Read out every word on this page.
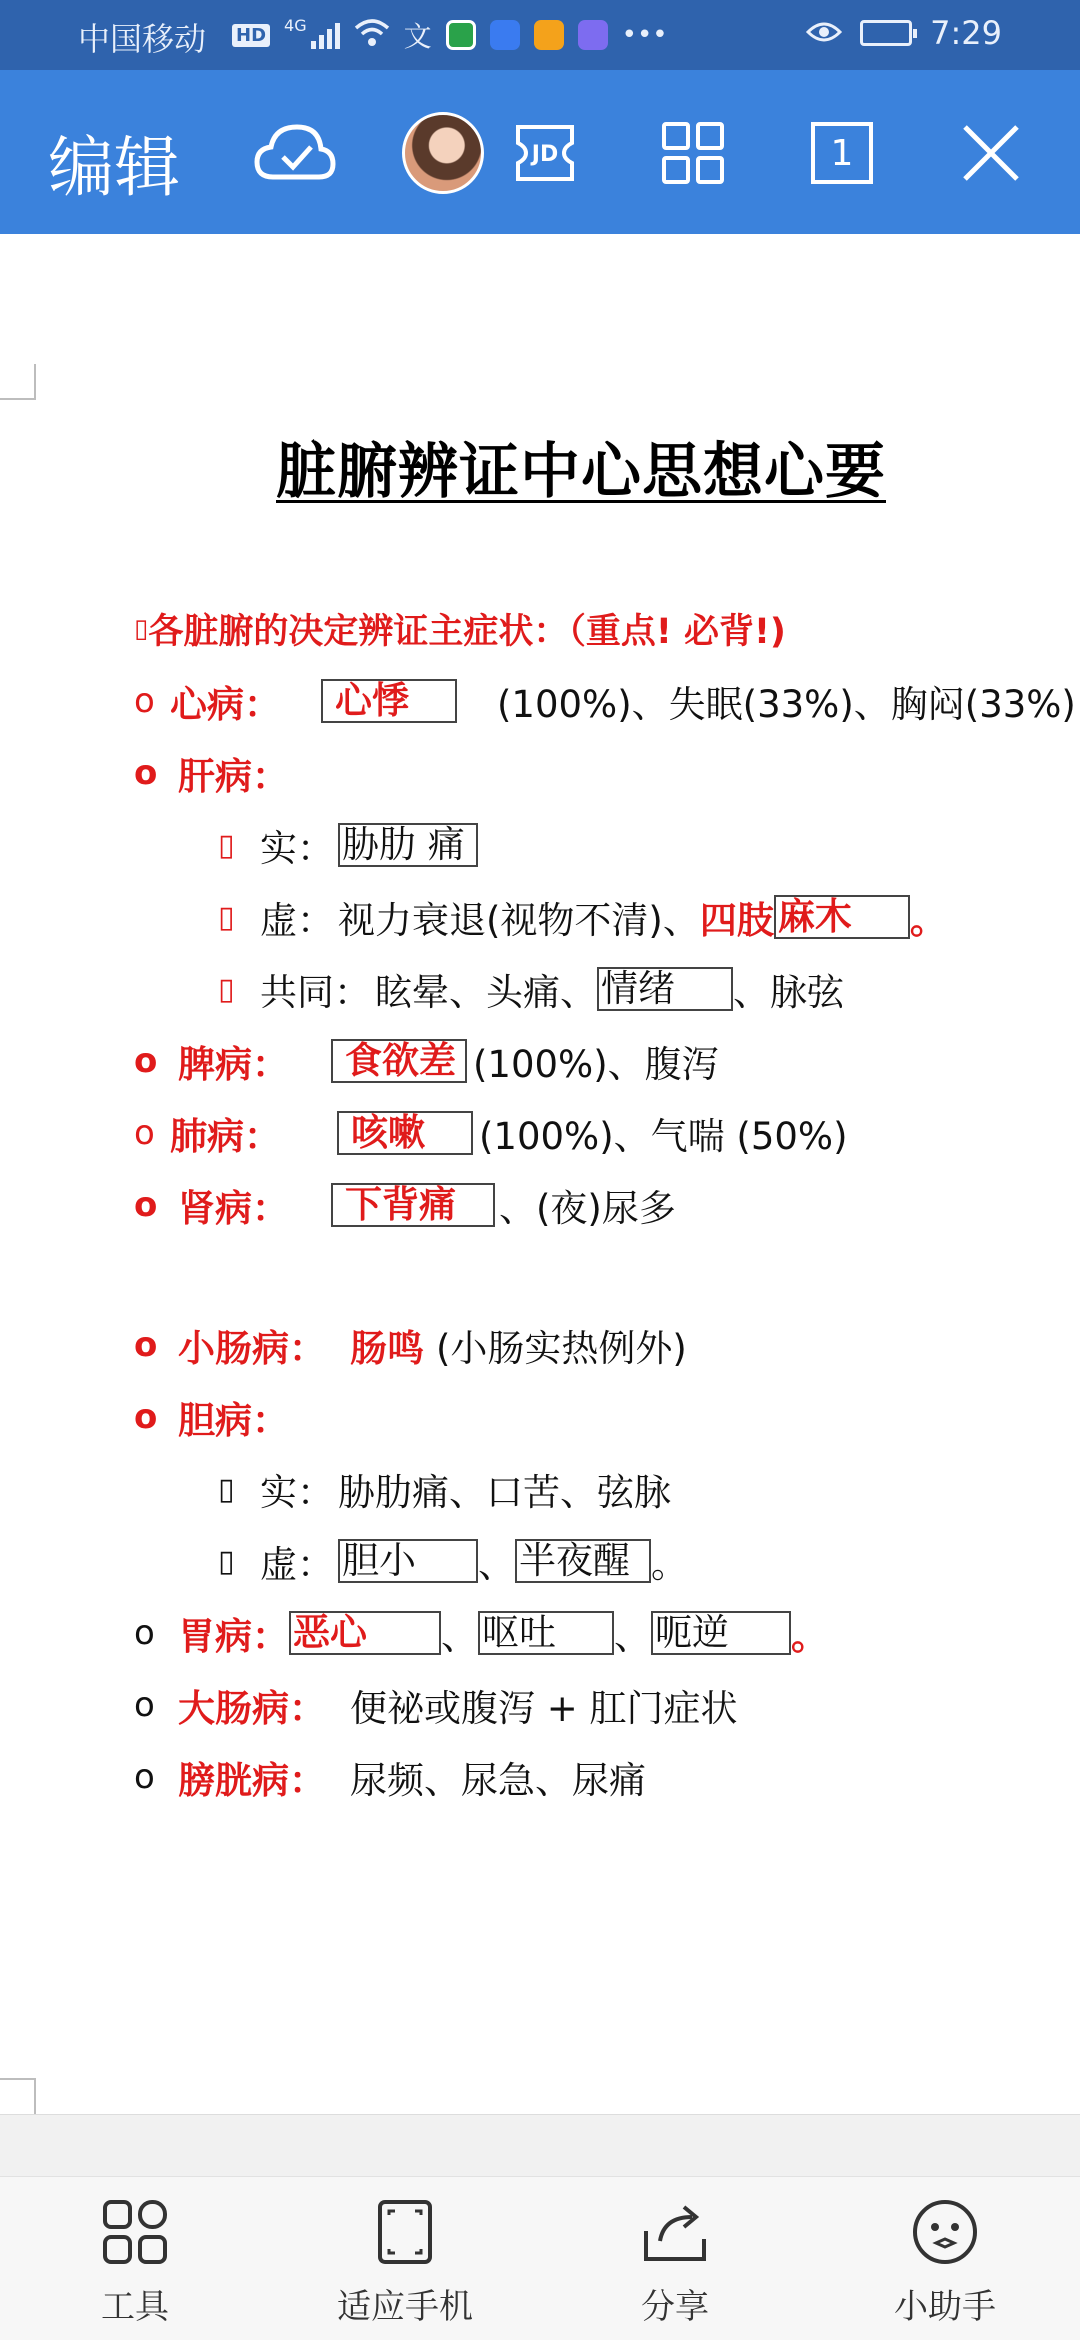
中国移动 HD 4G	文	•••	7:29
编辑	JD	1
脏腑辨证中心思想心要
▯ 各脏腑的决定辨证主症状：（重点! 必背!)
o 心病：	心悸	(100%)、失眠(33%)、胸闷(33%)
o 肝病：
▯ 实： 胁肋 痛
▯ 虚： 视力衰退(视物不清)、 四肢 麻木	。
▯ 共同： 眩晕、头痛、 情绪	、脉弦
o 脾病：	食欲差 (100%)、腹泻
o 肺病：	咳嗽	(100%)、气喘 (50%)
o 肾病：	下背痛	、(夜)尿多
o 小肠病： 肠鸣 (小肠实热例外)
o 胆病：
▯ 实： 胁肋痛、口苦、弦脉
▯ 虚： 胆小	、 半夜醒 。
o 胃病： 恶心	、 呕吐	、 呃逆	。
o 大肠病： 便祕或腹泻 + 肛门症状
o 膀胱病： 尿频、尿急、尿痛
工具	适应手机	分享	小助手
